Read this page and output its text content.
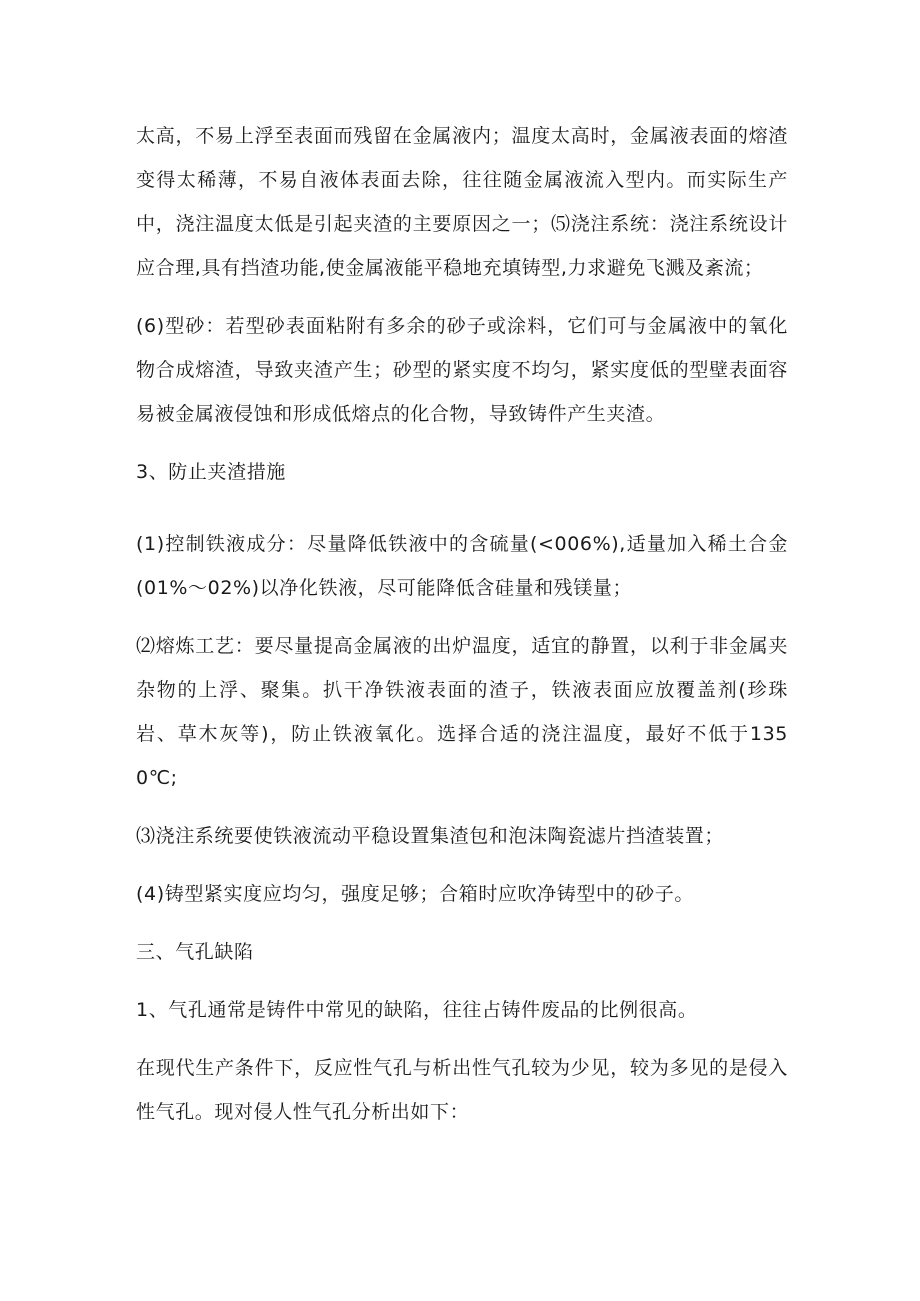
太高，不易上浮至表面而残留在金属液内；温度太高时，金属液表面的熔渣变得太稀薄，不易自液体表面去除，往往随金属液流入型内。而实际生产中，浇注温度太低是引起夹渣的主要原因之一；⑸浇注系统：浇注系统设计应合理,具有挡渣功能,使金属液能平稳地充填铸型,力求避免飞溅及紊流；

(6)型砂：若型砂表面粘附有多余的砂子或涂料，它们可与金属液中的氧化物合成熔渣，导致夹渣产生；砂型的紧实度不均匀，紧实度低的型壁表面容易被金属液侵蚀和形成低熔点的化合物，导致铸件产生夹渣。

3、防止夹渣措施

(1)控制铁液成分：尽量降低铁液中的含硫量(<006%),适量加入稀土合金(01%～02%)以净化铁液，尽可能降低含硅量和残镁量；

⑵熔炼工艺：要尽量提高金属液的出炉温度，适宜的静置，以利于非金属夹杂物的上浮、聚集。扒干净铁液表面的渣子，铁液表面应放覆盖剂(珍珠岩、草木灰等)，防止铁液氧化。选择合适的浇注温度，最好不低于1350℃;

⑶浇注系统要使铁液流动平稳设置集渣包和泡沫陶瓷滤片挡渣装置；

(4)铸型紧实度应均匀，强度足够；合箱时应吹净铸型中的砂子。

三、气孔缺陷

1、气孔通常是铸件中常见的缺陷，往往占铸件废品的比例很高。

在现代生产条件下，反应性气孔与析出性气孔较为少见，较为多见的是侵入性气孔。现对侵人性气孔分析出如下：
